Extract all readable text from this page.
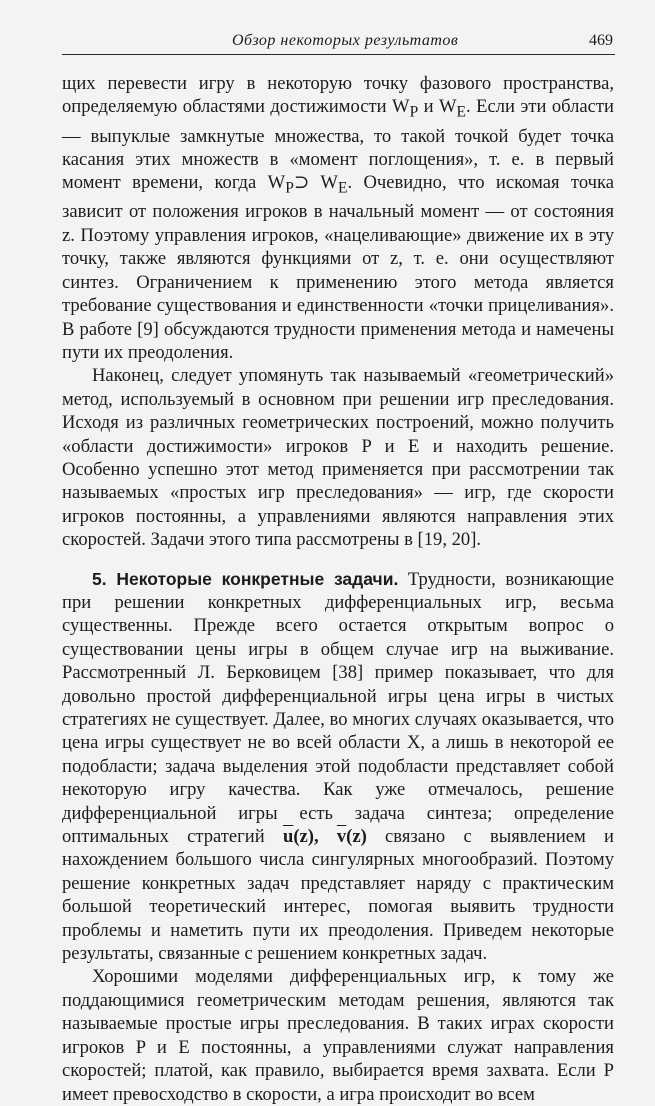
Обзор некоторых результатов	469

щих перевести игру в некоторую точку фазового пространства, определяемую областями достижимости $W_P$ и $W_E$. Если эти области — выпуклые замкнутые множества, то такой точкой будет точка касания этих множеств в «момент поглощения», т. е. в первый момент времени, когда $W_P⊃$ $W_E$. Очевидно, что искомая точка зависит от положения игроков в начальный момент — от состояния z. Поэтому управления игроков, «нацеливающие» движение их в эту точку, также являются функциями от z, т. е. они осуществляют синтез. Ограничением к применению этого метода является требование существования и единственности «точки прицеливания». В работе [9] обсуждаются трудности применения метода и намечены пути их преодоления.

Наконец, следует упомянуть так называемый «геометрический» метод, используемый в основном при решении игр преследования. Исходя из различных геометрических построений, можно получить «области достижимости» игроков P и E и находить решение. Особенно успешно этот метод применяется при рассмотрении так называемых «простых игр преследования» — игр, где скорости игроков постоянны, а управлениями являются направления этих скоростей. Задачи этого типа рассмотрены в [19, 20].

5. Некоторые конкретные задачи. Трудности, возникающие при решении конкретных дифференциальных игр, весьма существенны. Прежде всего остается открытым вопрос о существовании цены игры в общем случае игр на выживание. Рассмотренный Л. Берковицем [38] пример показывает, что для довольно простой дифференциальной игры цена игры в чистых стратегиях не существует. Далее, во многих случаях оказывается, что цена игры существует не во всей области X, а лишь в некоторой ее подобласти; задача выделения этой подобласти представляет собой некоторую игру качества. Как уже отмечалось, решение дифференциальной игры есть задача синтеза; определение оптимальных стратегий $\overline{u}(z)$, $\overline{v}(z)$ связано с выявлением и нахождением большого числа сингулярных многообразий. Поэтому решение конкретных задач представляет наряду с практическим большой теоретический интерес, помогая выявить трудности проблемы и наметить пути их преодоления. Приведем некоторые результаты, связанные с решением конкретных задач.

Хорошими моделями дифференциальных игр, к тому же поддающимися геометрическим методам решения, являются так называемые простые игры преследования. В таких играх скорости игроков P и E постоянны, а управлениями служат направления скоростей; платой, как правило, выбирается время захвата. Если P имеет превосходство в скорости, а игра происходит во всем
